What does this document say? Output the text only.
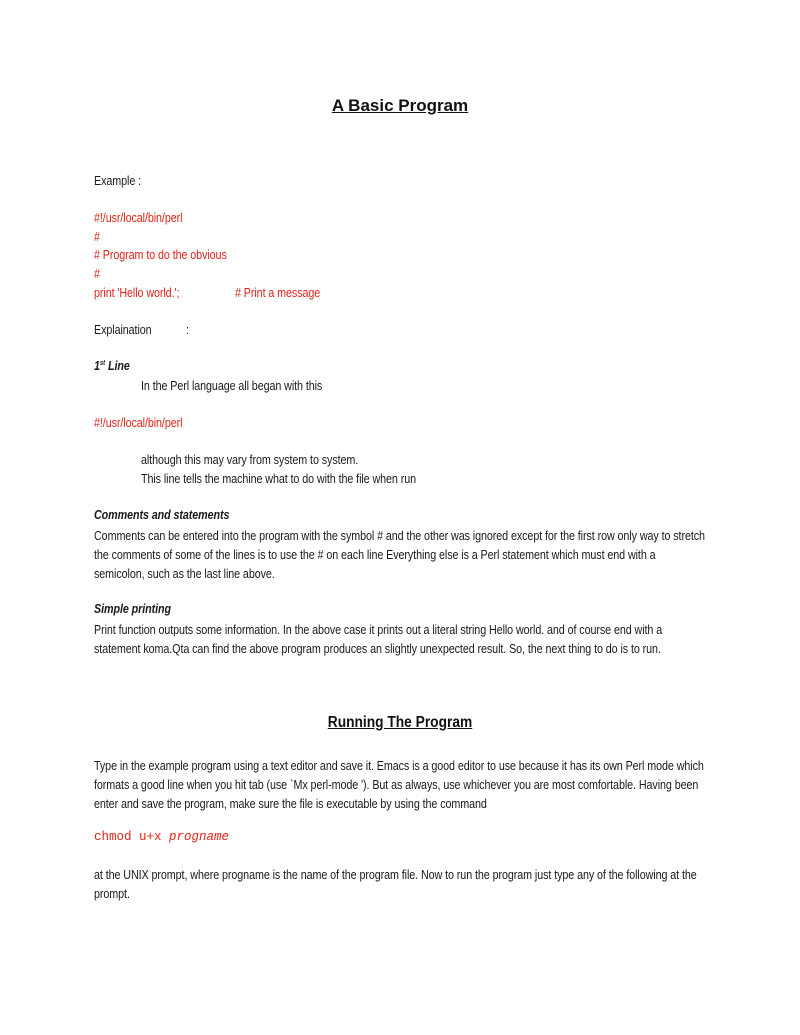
A Basic Program
Example :
#!/usr/local/bin/perl
#
# Program to do the obvious
#
print 'Hello world.';	# Print a message
Explaination	:
1st Line
In the Perl language all began with this
#!/usr/local/bin/perl
although this may vary from system to system.
This line tells the machine what to do with the file when run
Comments and statements
Comments can be entered into the program with the symbol # and the other was ignored except for the first row only way to stretch the comments of some of the lines is to use the # on each line Everything else is a Perl statement which must end with a semicolon, such as the last line above.
Simple printing
Print function outputs some information. In the above case it prints out a literal string Hello world. and of course end with a statement koma.Qta can find the above program produces an slightly unexpected result. So, the next thing to do is to run.
Running The Program
Type in the example program using a text editor and save it. Emacs is a good editor to use because it has its own Perl mode which formats a good line when you hit tab (use `Mx perl-mode '). But as always, use whichever you are most comfortable. Having been enter and save the program, make sure the file is executable by using the command
chmod u+x progname
at the UNIX prompt, where progname is the name of the program file. Now to run the program just type any of the following at the prompt.
